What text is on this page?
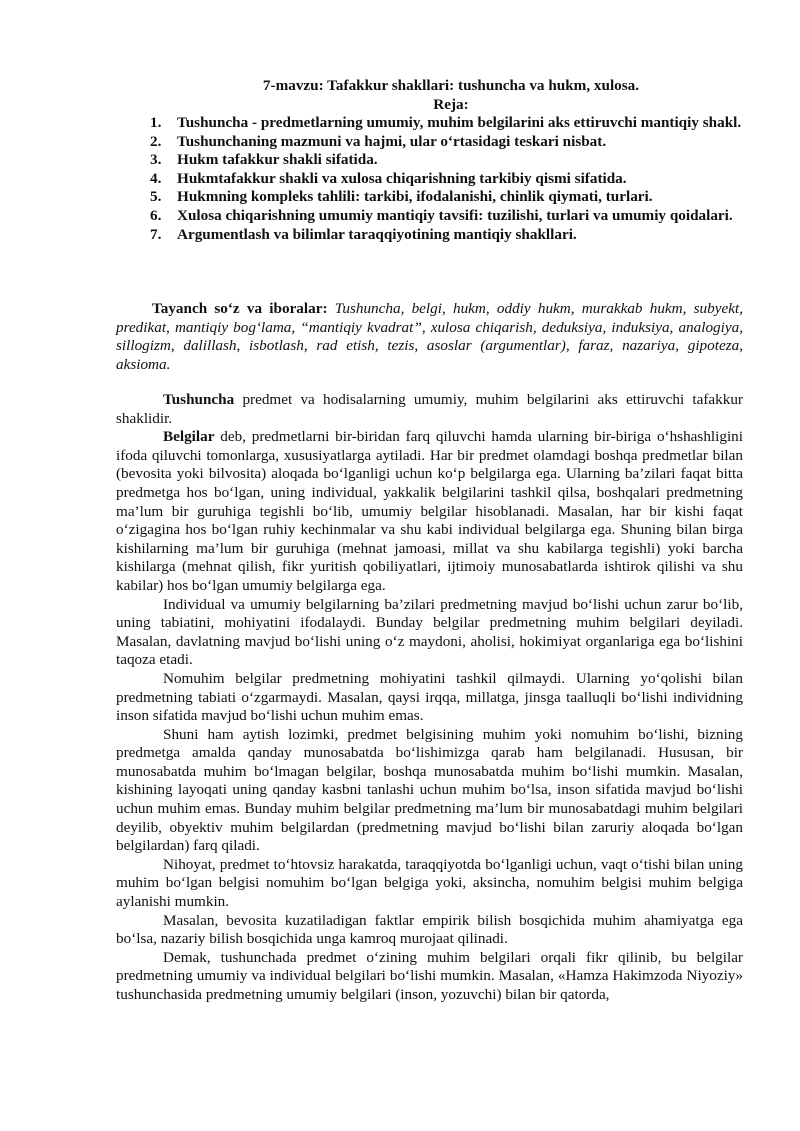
7-mavzu: Tafakkur shakllari: tushuncha va hukm, xulosa.
Reja:
1. Tushuncha - predmetlarning umumiy, muhim belgilarini aks ettiruvchi mantiqiy shakl.
2. Tushunchaning mazmuni va hajmi, ular o‘rtasidagi teskari nisbat.
3. Hukm tafakkur shakli sifatida.
4. Hukmtafakkur shakli va xulosa chiqarishning tarkibiy qismi sifatida.
5. Hukmning kompleks tahlili: tarkibi, ifodalanishi, chinlik qiymati, turlari.
6. Xulosa chiqarishning umumiy mantiqiy tavsifi: tuzilishi, turlari va umumiy qoidalari.
7. Argumentlash va bilimlar taraqqiyotining mantiqiy shakllari.
Tayanch so‘z va iboralar: Tushuncha, belgi, hukm, oddiy hukm, murakkab hukm, subyekt, predikat, mantiqiy bog‘lama, “mantiqiy kvadrat”, xulosa chiqarish, deduksiya, induksiya, analogiya, sillogizm, dalillash, isbotlash, rad etish, tezis, asoslar (argumentlar), faraz, nazariya, gipoteza, aksioma.

Tushuncha predmet va hodisalarning umumiy, muhim belgilarini aks ettiruvchi tafakkur shaklidir.

Belgilar deb, predmetlarni bir-biridan farq qiluvchi hamda ularning bir-biriga o‘hshashligini ifoda qiluvchi tomonlarga, xususiyatlarga aytiladi. Har bir predmet olamdagi boshqa predmetlar bilan (bevosita yoki bilvosita) aloqada bo‘lganligi uchun ko‘p belgilarga ega. Ularning ba’zilari faqat bitta predmetga hos bo‘lgan, uning individual, yakkalik belgilarini tashkil qilsa, boshqalari predmetning ma’lum bir guruhiga tegishli bo‘lib, umumiy belgilar hisoblanadi. Masalan, har bir kishi faqat o‘zigagina hos bo‘lgan ruhiy kechinmalar va shu kabi individual belgilarga ega. Shuning bilan birga kishilarning ma’lum bir guruhiga (mehnat jamoasi, millat va shu kabilarga tegishli) yoki barcha kishilarga (mehnat qilish, fikr yuritish qobiliyatlari, ijtimoiy munosabatlarda ishtirok qilishi va shu kabilar) hos bo‘lgan umumiy belgilarga ega.

Individual va umumiy belgilarning ba’zilari predmetning mavjud bo‘lishi uchun zarur bo‘lib, uning tabiatini, mohiyatini ifodalaydi. Bunday belgilar predmetning muhim belgilari deyiladi. Masalan, davlatning mavjud bo‘lishi uning o‘z maydoni, aholisi, hokimiyat organlariga ega bo‘lishini taqoza etadi.

Nomuhim belgilar predmetning mohiyatini tashkil qilmaydi. Ularning yo‘qolishi bilan predmetning tabiati o‘zgarmaydi. Masalan, qaysi irqqa, millatga, jinsga taalluqli bo‘lishi individning inson sifatida mavjud bo‘lishi uchun muhim emas.

Shuni ham aytish lozimki, predmet belgisining muhim yoki nomuhim bo‘lishi, bizning predmetga amalda qanday munosabatda bo‘lishimizga qarab ham belgilanadi. Hususan, bir munosabatda muhim bo‘lmagan belgilar, boshqa munosabatda muhim bo‘lishi mumkin. Masalan, kishining layoqati uning qanday kasbni tanlashi uchun muhim bo‘lsa, inson sifatida mavjud bo‘lishi uchun muhim emas. Bunday muhim belgilar predmetning ma’lum bir munosabatdagi muhim belgilari deyilib, obyektiv muhim belgilardan (predmetning mavjud bo‘lishi bilan zaruriy aloqada bo‘lgan belgilardan) farq qiladi.

Nihoyat, predmet to‘htovsiz harakatda, taraqqiyotda bo‘lganligi uchun, vaqt o‘tishi bilan uning muhim bo‘lgan belgisi nomuhim bo‘lgan belgiga yoki, aksincha, nomuhim belgisi muhim belgiga aylanishi mumkin.

Masalan, bevosita kuzatiladigan faktlar empirik bilish bosqichida muhim ahamiyatga ega bo‘lsa, nazariy bilish bosqichida unga kamroq murojaat qilinadi.

Demak, tushunchada predmet o‘zining muhim belgilari orqali fikr qilinib, bu belgilar predmetning umumiy va individual belgilari bo‘lishi mumkin. Masalan, «Hamza Hakimzoda Niyoziy» tushunchasida predmetning umumiy belgilari (inson, yozuvchi) bilan bir qatorda,
